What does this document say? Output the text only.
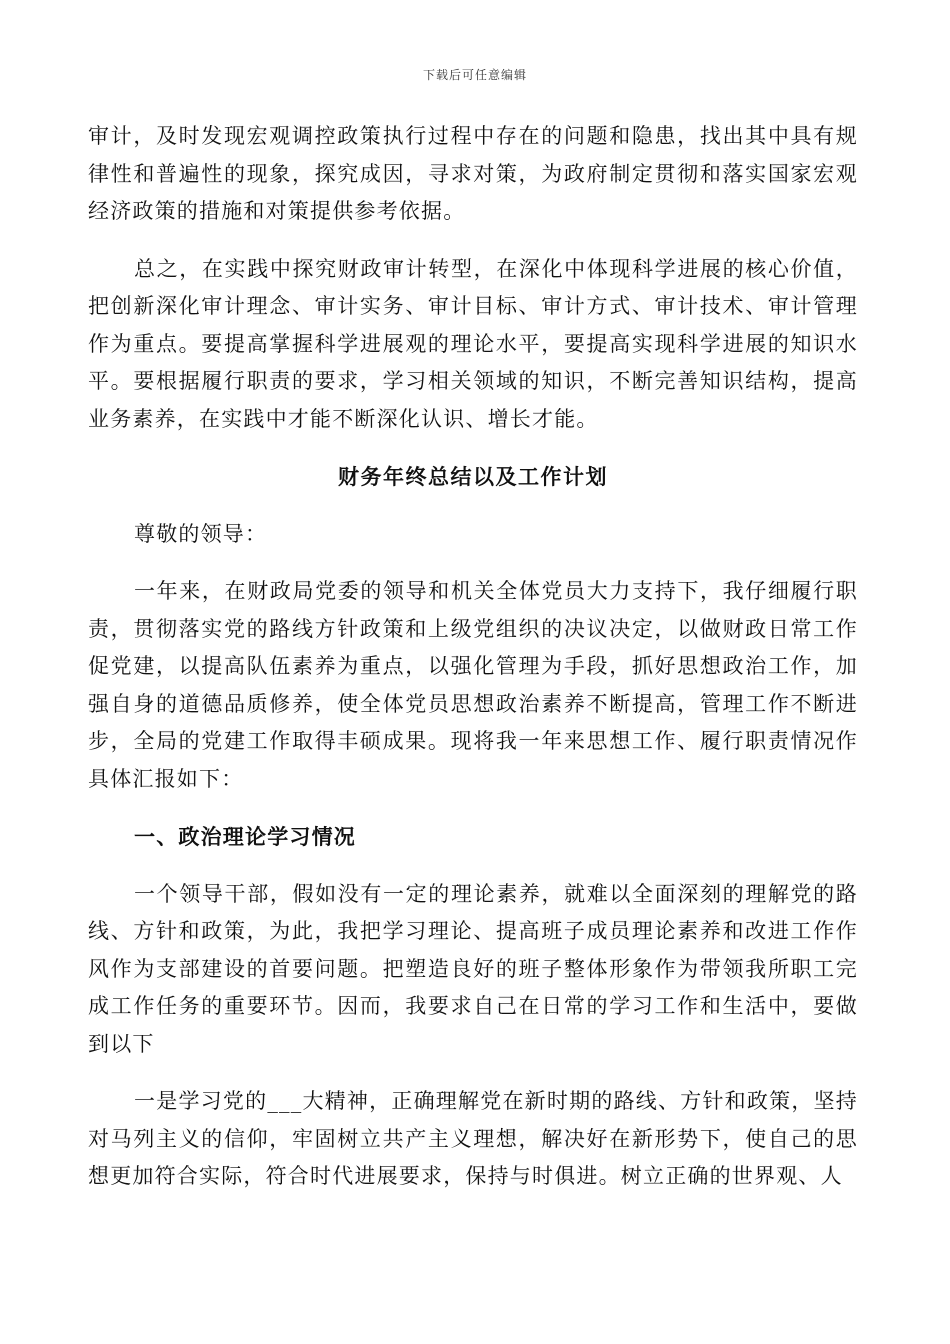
下载后可任意编辑

审计，及时发现宏观调控政策执行过程中存在的问题和隐患，找出其中具有规律性和普遍性的现象，探究成因，寻求对策，为政府制定贯彻和落实国家宏观经济政策的措施和对策提供参考依据。

总之，在实践中探究财政审计转型，在深化中体现科学进展的核心价值，把创新深化审计理念、审计实务、审计目标、审计方式、审计技术、审计管理作为重点。要提高掌握科学进展观的理论水平，要提高实现科学进展的知识水平。要根据履行职责的要求，学习相关领域的知识，不断完善知识结构，提高业务素养，在实践中才能不断深化认识、增长才能。

财务年终总结以及工作计划

尊敬的领导：

一年来，在财政局党委的领导和机关全体党员大力支持下，我仔细履行职责，贯彻落实党的路线方针政策和上级党组织的决议决定，以做财政日常工作促党建，以提高队伍素养为重点，以强化管理为手段，抓好思想政治工作，加强自身的道德品质修养，使全体党员思想政治素养不断提高，管理工作不断进步，全局的党建工作取得丰硕成果。现将我一年来思想工作、履行职责情况作具体汇报如下：

一、政治理论学习情况

一个领导干部，假如没有一定的理论素养，就难以全面深刻的理解党的路线、方针和政策，为此，我把学习理论、提高班子成员理论素养和改进工作作风作为支部建设的首要问题。把塑造良好的班子整体形象作为带领我所职工完成工作任务的重要环节。因而，我要求自己在日常的学习工作和生活中，要做到以下

一是学习党的___大精神，正确理解党在新时期的路线、方针和政策，坚持对马列主义的信仰，牢固树立共产主义理想，解决好在新形势下，使自己的思想更加符合实际，符合时代进展要求，保持与时俱进。树立正确的世界观、人
